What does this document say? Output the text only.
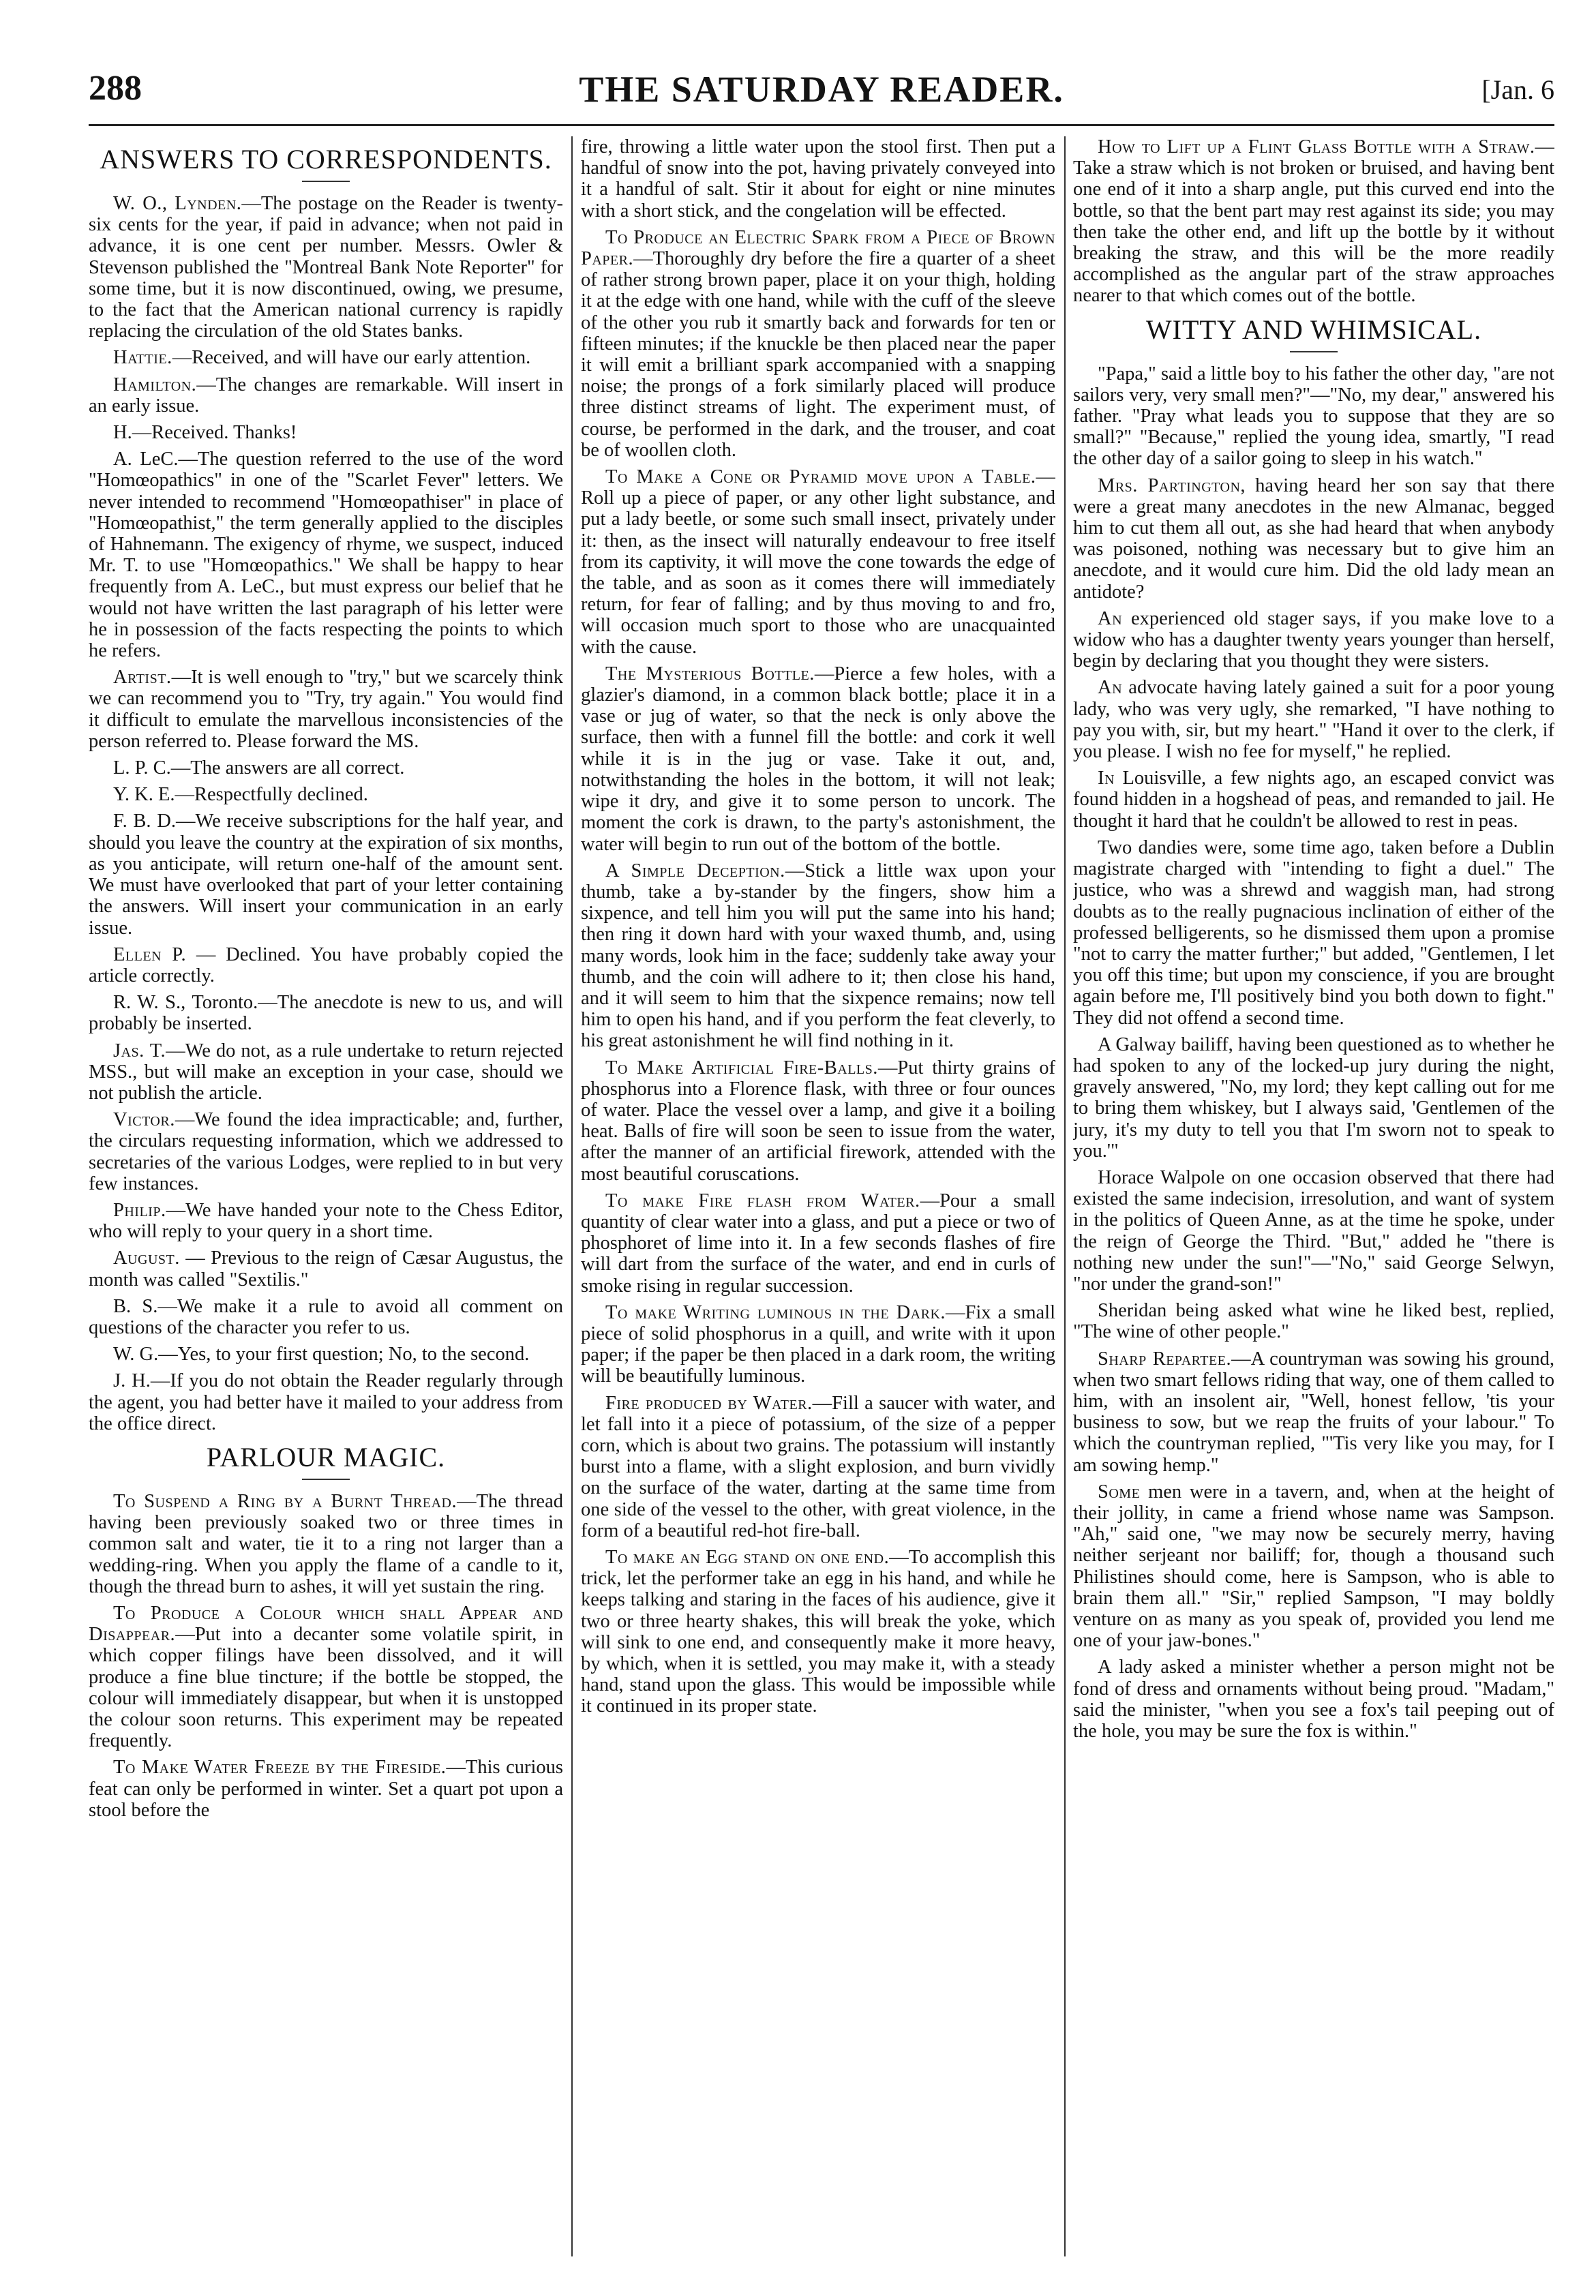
288	THE SATURDAY READER.	[Jan. 6
ANSWERS TO CORRESPONDENTS.

W. O., Lynden.—The postage on the Reader is twenty-six cents for the year, if paid in advance; when not paid in advance, it is one cent per number. Messrs. Owler & Stevenson published the "Montreal Bank Note Reporter" for some time, but it is now discontinued, owing, we presume, to the fact that the American national currency is rapidly replacing the circulation of the old States banks.

Hattie.—Received, and will have our early attention.

Hamilton.—The changes are remarkable. Will insert in an early issue.

H.—Received. Thanks!

A. LeC.—The question referred to the use of the word "Homœopathics" in one of the "Scarlet Fever" letters. We never intended to recommend "Homœopathiser" in place of "Homœopathist," the term generally applied to the disciples of Hahnemann. The exigency of rhyme, we suspect, induced Mr. T. to use "Homœopathics." We shall be happy to hear frequently from A. LeC., but must express our belief that he would not have written the last paragraph of his letter were he in possession of the facts respecting the points to which he refers.

Artist.—It is well enough to "try," but we scarcely think we can recommend you to "Try, try again." You would find it difficult to emulate the marvellous inconsistencies of the person referred to. Please forward the MS.

L. P. C.—The answers are all correct.

Y. K. E.—Respectfully declined.

F. B. D.—We receive subscriptions for the half year, and should you leave the country at the expiration of six months, as you anticipate, will return one-half of the amount sent. We must have overlooked that part of your letter containing the answers. Will insert your communication in an early issue.

Ellen P. — Declined. You have probably copied the article correctly.

R. W. S., Toronto.—The anecdote is new to us, and will probably be inserted.

Jas. T.—We do not, as a rule undertake to return rejected MSS., but will make an exception in your case, should we not publish the article.

Victor.—We found the idea impracticable; and, further, the circulars requesting information, which we addressed to secretaries of the various Lodges, were replied to in but very few instances.

Philip.—We have handed your note to the Chess Editor, who will reply to your query in a short time.

August. — Previous to the reign of Cæsar Augustus, the month was called "Sextilis."

B. S.—We make it a rule to avoid all comment on questions of the character you refer to us.

W. G.—Yes, to your first question; No, to the second.

J. H.—If you do not obtain the Reader regularly through the agent, you had better have it mailed to your address from the office direct.

PARLOUR MAGIC.

To Suspend a Ring by a Burnt Thread.—The thread having been previously soaked two or three times in common salt and water, tie it to a ring not larger than a wedding-ring. When you apply the flame of a candle to it, though the thread burn to ashes, it will yet sustain the ring.

To Produce a Colour which shall Appear and Disappear.—Put into a decanter some volatile spirit, in which copper filings have been dissolved, and it will produce a fine blue tincture; if the bottle be stopped, the colour will immediately disappear, but when it is unstopped the colour soon returns. This experiment may be repeated frequently.

To Make Water Freeze by the Fireside.—This curious feat can only be performed in winter. Set a quart pot upon a stool before the

fire, throwing a little water upon the stool first. Then put a handful of snow into the pot, having privately conveyed into it a handful of salt. Stir it about for eight or nine minutes with a short stick, and the congelation will be effected.

To Produce an Electric Spark from a Piece of Brown Paper.—Thoroughly dry before the fire a quarter of a sheet of rather strong brown paper, place it on your thigh, holding it at the edge with one hand, while with the cuff of the sleeve of the other you rub it smartly back and forwards for ten or fifteen minutes; if the knuckle be then placed near the paper it will emit a brilliant spark accompanied with a snapping noise; the prongs of a fork similarly placed will produce three distinct streams of light. The experiment must, of course, be performed in the dark, and the trouser, and coat be of woollen cloth.

To Make a Cone or Pyramid move upon a Table.—Roll up a piece of paper, or any other light substance, and put a lady beetle, or some such small insect, privately under it: then, as the insect will naturally endeavour to free itself from its captivity, it will move the cone towards the edge of the table, and as soon as it comes there will immediately return, for fear of falling; and by thus moving to and fro, will occasion much sport to those who are unacquainted with the cause.

The Mysterious Bottle.—Pierce a few holes, with a glazier's diamond, in a common black bottle; place it in a vase or jug of water, so that the neck is only above the surface, then with a funnel fill the bottle: and cork it well while it is in the jug or vase. Take it out, and, notwithstanding the holes in the bottom, it will not leak; wipe it dry, and give it to some person to uncork. The moment the cork is drawn, to the party's astonishment, the water will begin to run out of the bottom of the bottle.

A Simple Deception.—Stick a little wax upon your thumb, take a by-stander by the fingers, show him a sixpence, and tell him you will put the same into his hand; then ring it down hard with your waxed thumb, and, using many words, look him in the face; suddenly take away your thumb, and the coin will adhere to it; then close his hand, and it will seem to him that the sixpence remains; now tell him to open his hand, and if you perform the feat cleverly, to his great astonishment he will find nothing in it.

To Make Artificial Fire-Balls.—Put thirty grains of phosphorus into a Florence flask, with three or four ounces of water. Place the vessel over a lamp, and give it a boiling heat. Balls of fire will soon be seen to issue from the water, after the manner of an artificial firework, attended with the most beautiful coruscations.

To make Fire flash from Water.—Pour a small quantity of clear water into a glass, and put a piece or two of phosphoret of lime into it. In a few seconds flashes of fire will dart from the surface of the water, and end in curls of smoke rising in regular succession.

To make Writing luminous in the Dark.—Fix a small piece of solid phosphorus in a quill, and write with it upon paper; if the paper be then placed in a dark room, the writing will be beautifully luminous.

Fire produced by Water.—Fill a saucer with water, and let fall into it a piece of potassium, of the size of a pepper corn, which is about two grains. The potassium will instantly burst into a flame, with a slight explosion, and burn vividly on the surface of the water, darting at the same time from one side of the vessel to the other, with great violence, in the form of a beautiful red-hot fire-ball.

To make an Egg stand on one end.—To accomplish this trick, let the performer take an egg in his hand, and while he keeps talking and staring in the faces of his audience, give it two or three hearty shakes, this will break the yoke, which will sink to one end, and consequently make it more heavy, by which, when it is settled, you may make it, with a steady hand, stand upon the glass. This would be impossible while it continued in its proper state.

How to Lift up a Flint Glass Bottle with a Straw.—Take a straw which is not broken or bruised, and having bent one end of it into a sharp angle, put this curved end into the bottle, so that the bent part may rest against its side; you may then take the other end, and lift up the bottle by it without breaking the straw, and this will be the more readily accomplished as the angular part of the straw approaches nearer to that which comes out of the bottle.

WITTY AND WHIMSICAL.

"Papa," said a little boy to his father the other day, "are not sailors very, very small men?"—"No, my dear," answered his father. "Pray what leads you to suppose that they are so small?" "Because," replied the young idea, smartly, "I read the other day of a sailor going to sleep in his watch."

Mrs. Partington, having heard her son say that there were a great many anecdotes in the new Almanac, begged him to cut them all out, as she had heard that when anybody was poisoned, nothing was necessary but to give him an anecdote, and it would cure him. Did the old lady mean an antidote?

An experienced old stager says, if you make love to a widow who has a daughter twenty years younger than herself, begin by declaring that you thought they were sisters.

An advocate having lately gained a suit for a poor young lady, who was very ugly, she remarked, "I have nothing to pay you with, sir, but my heart." "Hand it over to the clerk, if you please. I wish no fee for myself," he replied.

In Louisville, a few nights ago, an escaped convict was found hidden in a hogshead of peas, and remanded to jail. He thought it hard that he couldn't be allowed to rest in peas.

Two dandies were, some time ago, taken before a Dublin magistrate charged with "intending to fight a duel." The justice, who was a shrewd and waggish man, had strong doubts as to the really pugnacious inclination of either of the professed belligerents, so he dismissed them upon a promise "not to carry the matter further;" but added, "Gentlemen, I let you off this time; but upon my conscience, if you are brought again before me, I'll positively bind you both down to fight." They did not offend a second time.

A Galway bailiff, having been questioned as to whether he had spoken to any of the locked-up jury during the night, gravely answered, "No, my lord; they kept calling out for me to bring them whiskey, but I always said, 'Gentlemen of the jury, it's my duty to tell you that I'm sworn not to speak to you.'"

Horace Walpole on one occasion observed that there had existed the same indecision, irresolution, and want of system in the politics of Queen Anne, as at the time he spoke, under the reign of George the Third. "But," added he "there is nothing new under the sun!"—"No," said George Selwyn, "nor under the grand-son!"

Sheridan being asked what wine he liked best, replied, "The wine of other people."

Sharp Repartee.—A countryman was sowing his ground, when two smart fellows riding that way, one of them called to him, with an insolent air, "Well, honest fellow, 'tis your business to sow, but we reap the fruits of your labour." To which the countryman replied, "'Tis very like you may, for I am sowing hemp."

Some men were in a tavern, and, when at the height of their jollity, in came a friend whose name was Sampson. "Ah," said one, "we may now be securely merry, having neither serjeant nor bailiff; for, though a thousand such Philistines should come, here is Sampson, who is able to brain them all." "Sir," replied Sampson, "I may boldly venture on as many as you speak of, provided you lend me one of your jaw-bones."

A lady asked a minister whether a person might not be fond of dress and ornaments without being proud. "Madam," said the minister, "when you see a fox's tail peeping out of the hole, you may be sure the fox is within."
